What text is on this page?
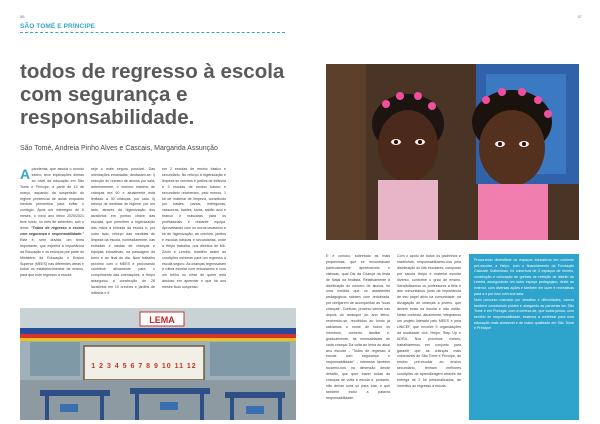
56
SÃO TOMÉ E PRÍNCIPE
todos de regresso à escola com segurança e responsabilidade.
São Tomé, Andreia Pinho Alves e Cascais, Margarida Assunção
Apandemia, que assola o mundo inteiro, teve implicações diretas ao nível da educação em São Tomé e Príncipe, a partir de 13 de março, aquando da suspensão do regime presencial de aulas enquanto medida preventiva para evitar o contágio. Após um interregno de 6 meses, o novo ano letivo 2020/2021 teve início, no mês de setembro, sob o lema: "Todos de regresso à escola com segurança e responsabilidade." Este é, sem dúvida, um tema importante, que espelha a importância da Educação e os esforços por parte do Ministério da Educação e Ensino Superior (MEES) nas diferentes áreas e todos os estabelecimentos de ensino, para que este regresso à escola
seja o mais seguro possível. Das orientações emanadas, destacam-se: i) redução do número de alunos por sala; anteriormente, o número máximo de crianças era 60 e atualmente está limitado a 30 crianças, por sala. ii) reforço de medidas de higiene: por um lado, através da higienização dos lavatórios em pontos chave das escolas, que permitem a higienização das mãos à entrada da escola e, por outro lado, reforço das medidas de limpeza da escola, nomeadamente, nas entradas e saídas de crianças e equipas educativas, na passagem do turno e ao final do dia. Num trabalho próximo com o MEES e procurando contribuir ativamente para o cumprimento das orientações, a Helpo assegurou a construção de 26 lavatórios em 10 creches e jardins de infância e 8
em 2 escolas de ensino básico e secundário. No reforço à higienização e limpeza se creches e jardins de infância e 3 escolas de ensino básico e secundário receberam, pelo menos, 1 kit de material de limpeza, constituído por baldes, panos, esfregonas, vassouras, baldes, luvas, sabão azul e branco e máscaras para os profissionais e restante equipa. Aproveitando com os novos lavatórios e kit de higienização, as creches, jardins e escolas básicas e secundárias, onde a Helpo trabalha, nos distritos de Mé-Zóchi e Lembá, mantêm assim as condições mínimas para um regresso à escola seguro. As crianças regressaram à rotina escolar com entusiasmo e com um brilho no olhar de quem está ansioso em aprender e que há uns meses ficou suspenso.
LEMA
1 2 3 4 5 6 7 8 9 10 11 12
57
E é curioso, sobretudo as mais pequeninas, que se encontravam particularmente apreensíveis e vistosas, qual Dia da Criança na festa de Natal na finalista. Relativamente à distribuição do número de alunos, foi uma medida que os assistentes pedagógicos sabiam com redobrada, por obrigarem de acompanhar as "suas crianças". Contudo, proceso vemos nas depois do arranque do ano letivo, reorientou-se, recolhidos ao fundo já sabíamos o nome de todos os membros, contexto familiar e, gradualmente, as necessidades de cada criança! Da volta ao lema do atual ano escolar - "Todos de regresso à escola com segurança e responsabilidade" - interessa também focarmo-nos na dimensão desde desafio, que quer trazer todas as crianças de volta à escola e, portanto, não deixar uma só para trás, e que também inclui a palavra responsabilidade.
Com o apoio de todos os padrinhos e madrinhas, responsabilizamo-nos pela distribuição do kits escolares, composto por sacola Helpo e material escolar diverso, conforme o grau de ensino. Sensibilizamos os professores a fiéis e aos comunitários junto da importância de seu papel ativo na comunidade, na divulgação de crianças a jovens, que devem estar na escola e não estão. Neste contexto, atualmente, integramos um projeto liderado pelo MEES e pela UNICEF, que envolve 9 organizações da sociedade civil. Helpo, Step Up e ADRA. Nos próximos meses, trabalharemos em conjunto para garantir que as crianças mais vulneráveis de São Tomé e Príncipe, do ensino pré-escolar ao ensino secundário, tenham melhores condições de aprendizagem através da entrega de 2 kit personalizados, de incentivo ao regresso à escola.

Procurando diversificar os espaços educativos em contexto pré-escolar, a Helpo, com o financiamento da Fundação Calouste Gulbenkian, foi cobertura de 3 espaços de recreio, construção e colocação de grelhas de refeição de distrito de Lembá, assegurando um outro espaço pedagógico, deste ao exterior, com diversas ações e também em lazer e recreativas para a e por isso com sua sala.

Num percurso marcado por desafios e dificuldades, vamos também construindo pontes e alargando as parcerias em São Tomé e em Portugal, com a certeza de, que todos juntos, com sentido de responsabilidade, estamos a contribuir para uma educação mais acessível e de maior qualidade em São Tomé e Príncipe!
